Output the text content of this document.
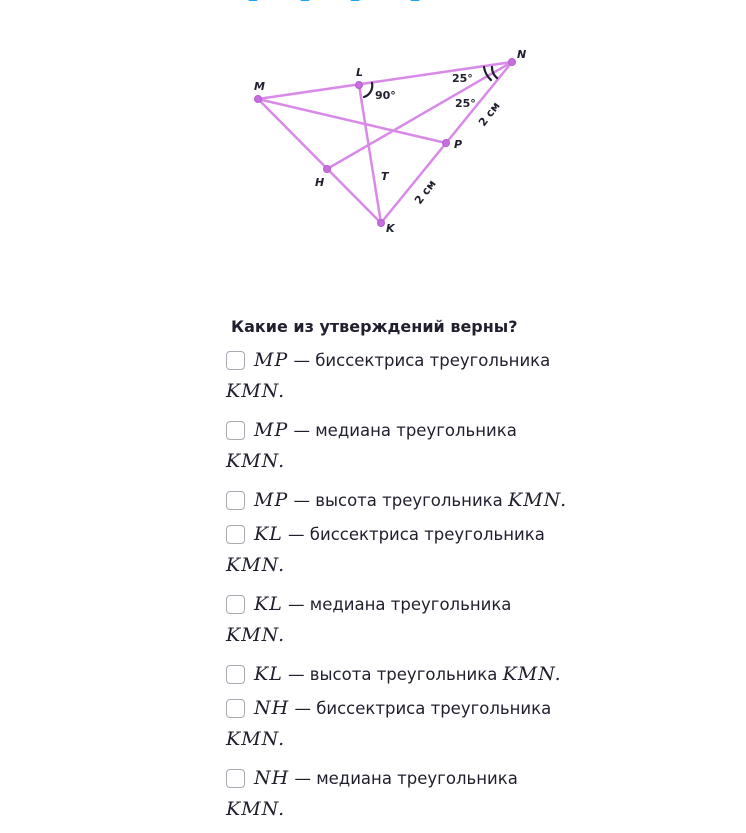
M
L
N
P
H	T
K
90°
25°
25° 2 см
2 см
Какие из утверждений верны?
MP — биссектриса треугольника
KMN.
MP — медиана треугольника
KMN.
MP — высота треугольника KMN.
KL — биссектриса треугольника
KMN.
KL — медиана треугольника
KMN.
KL — высота треугольника KMN.
NH — биссектриса треугольника
KMN.
NH — медиана треугольника
KMN.
